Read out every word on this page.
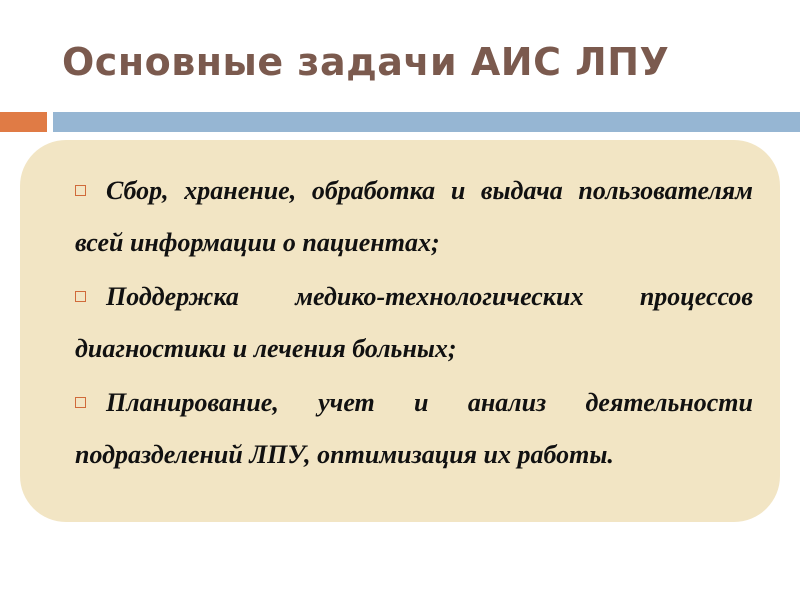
Основные задачи АИС ЛПУ
Сбор, хранение, обработка и выдача пользователям всей информации о пациентах;
Поддержка медико-технологических процессов диагностики и лечения больных;
Планирование, учет и анализ деятельности подразделений ЛПУ, оптимизация их работы.
